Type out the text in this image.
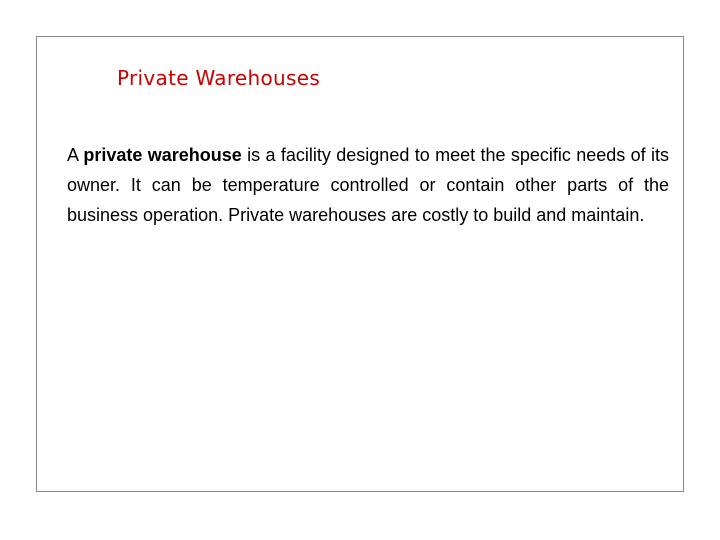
Private Warehouses

A private warehouse is a facility designed to meet the specific needs of its owner. It can be temperature controlled or contain other parts of the business operation. Private warehouses are costly to build and maintain.
